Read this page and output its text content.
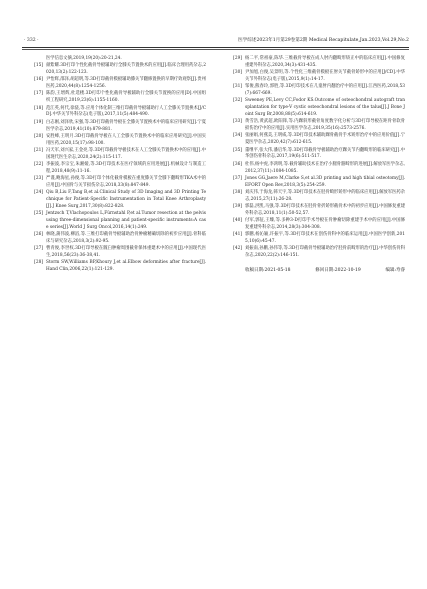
· 332 ·	医学综述2023年1月第29卷第2期 Medical Recapitulate,Jan.2023,Vol.29,No.2
医学信息文摘,2019,19(20):20-21,24.
[15] 颜紫耀.3D打印个性化截骨导板辅助行全膝关节置换术的应用[J].临床合理用药杂志,2020,13(2):122-123.
[16] 尹怡辉,邵泽,胡超明,等.3D打印截骨模板辅助膝关节翻修置换的早期疗效观察[J].贵州医药,2020,44(8):1254-1256.
[17] 陈韵,王增辉,杜选楼.3D打印个性化截骨导板辅助行全膝关节置换的应用[D].中国组织工程研究,2019,23(6):1155-1160.
[18] 范江英,何代,徐骁,等.应用个体化制三维打印截骨导板辅助行人工全膝关节置换术[J/CD].中华关节外科杂志(电子版),2017,11(5):484-490.
[19] 白志刚,刘泽欣,宋强,等.3D打印截骨导板在全膝关节置换术中的临床应用研究[J].宁夏医学杂志,2019,41(10):879-881.
[20] 安胜峰,王明月.3D打印截骨导板在人工全膝关节置换术中的临床应用研究[J].中国实用医药,2020,15(17):98-100.
[21] 冯天军,刘兴家,王金亮,等.3D打印截骨导板技术在人工全膝关节置换术中的应用[J].中国现代医生杂志,2020,24(2):115-117.
[22] 李振波,李宗宝,朱湘媛,等.3D打印技术在医疗领域的应用进展[J].机械设计与制造工程,2018,48(9):11-16.
[23] 严谨,鲍海星,孙俊,等.3D打印个体化截骨模板在重度膝关节全膝下翻畸形TKA术中的应用[J].中国骨与关节损伤杂志,2018,33(8):847-849.
[24] Qiu B,Liu F,Tang B,et al.Clinical Study of 3D Imaging and 3D Printing Technique for Patient-Specific Instrumentation in Total Knee Arthroplasty[J].J Knee Surg,2017,30(8):822-828.
[25] Jentzsch T,Vlachopoulos L,Fürnstahl P,et al.Tumor resection at the pelvis using three-dimensional planning and patient-specific instruments:A case series[J].World J Surg Oncol,2016,14(1):249.
[26] 林晓,蒲伟波,柳滔,等.三维打印截骨导板辅助治骨肿瘤精确切除的初步应用[J].骨科临床与研究杂志,2018,3(2):92-95.
[27] 曹青俊,李世权.3D打印导板在髋臼肿瘤周围截骨保体重建术中的应用[J].中国现代医生,2018,56(23):36-38,41.
[28] Storm SW,Williams BP,Khoury J,et al.Elbow deformities after fracture[J].Hand Clin,2006,22(1):121-129.
[29] 杨二平,常祖豪,陈华.三维截骨导板在成人肘内翻畸形矫正中的临床应用[J].中国修复重建外科杂志,2020,34(3):431-435.
[30] 尹加旭,白俊,吴景明,等.个性化三维截骨模板在肘关节截骨矫形中的应用[J/CD].中华关节外科杂志(电子版),2015,9(1):14-17.
[31] 邹俊,熊春玲,郭胜,等.3D打印技术在儿童肘内翻治疗中的应用[J].江西医药,2018,53(7):667-669.
[32] Sweeney PE,Levy CC,Fodor KS.Outcome of osteochondral autograft transplantation for type-V cystic osteochondral lesions of the talus[J].J Bone Joint Surg Br,2008,88(5):614-619.
[33] 黄雪浩,黄武超,欧阳锋,等.内踝斜形截骨角度数字化分析与3D打印导板在距骨骨软骨损伤治疗中的应用[J].实用医学杂志,2019,35(16):2573-2576.
[34] 张丽娟,何燕美,王明威,等.3D打印技术辅助踝骨截骨手术矫形治疗中的应用价值[J].宁夏医学杂志,2020,42(7):612-615.
[35] 董继平,张大伟,潘启华,等.3D打印截骨导板辅助治疗踝关节内翻畸形的临床研究[J].中华创伤骨科杂志,2017,19(6):511-517.
[36] 杜伟,杨中虎,李鸿明,等.截骨辅助技术在治疗小腿骨骼畸形的进展[J].解放军医学杂志,2012,37(11):1084-1085.
[37] Jones GG,Jaere M,Clarke S,et al.3D printing and high tibial osteotomy[J].EFORT Open Rev,2018,3(5):254-259.
[38] 刘庆伟,于海龙,韩天宇,等.3D打印技术在胫骨畸形矫形中的临床应用[J].解放军医药杂志,2015,27(11):26-28.
[39] 郭磊,洪凯,马强,等.3D打印技术在胫骨骨折矫形截骨术中的初步应用[J].中国修复重建外科杂志,2018,11(1):50-52,57.
[40] 付军,郭征,王臻,等.多种3-D打印手术导板在骨肿瘤切除重建手术中的应用[J].中国修复重建外科杂志,2014,28(3):304-308.
[41] 郭鹏,杨沁颖,许振宇,等.3D打印技术在创伤骨科中的临床运用[J].中国医学创新,2015,10(6):45-47.
[42] 刘振南,孙鹏,孙伟等,等.3D打印截骨导板辅助治疗胫骨前畸形的治疗[J].中华创伤骨科杂志,2020,22(2):146-151.
收稿日期:2021-05-18	修回日期:2022-10-19	编辑:寿睿
